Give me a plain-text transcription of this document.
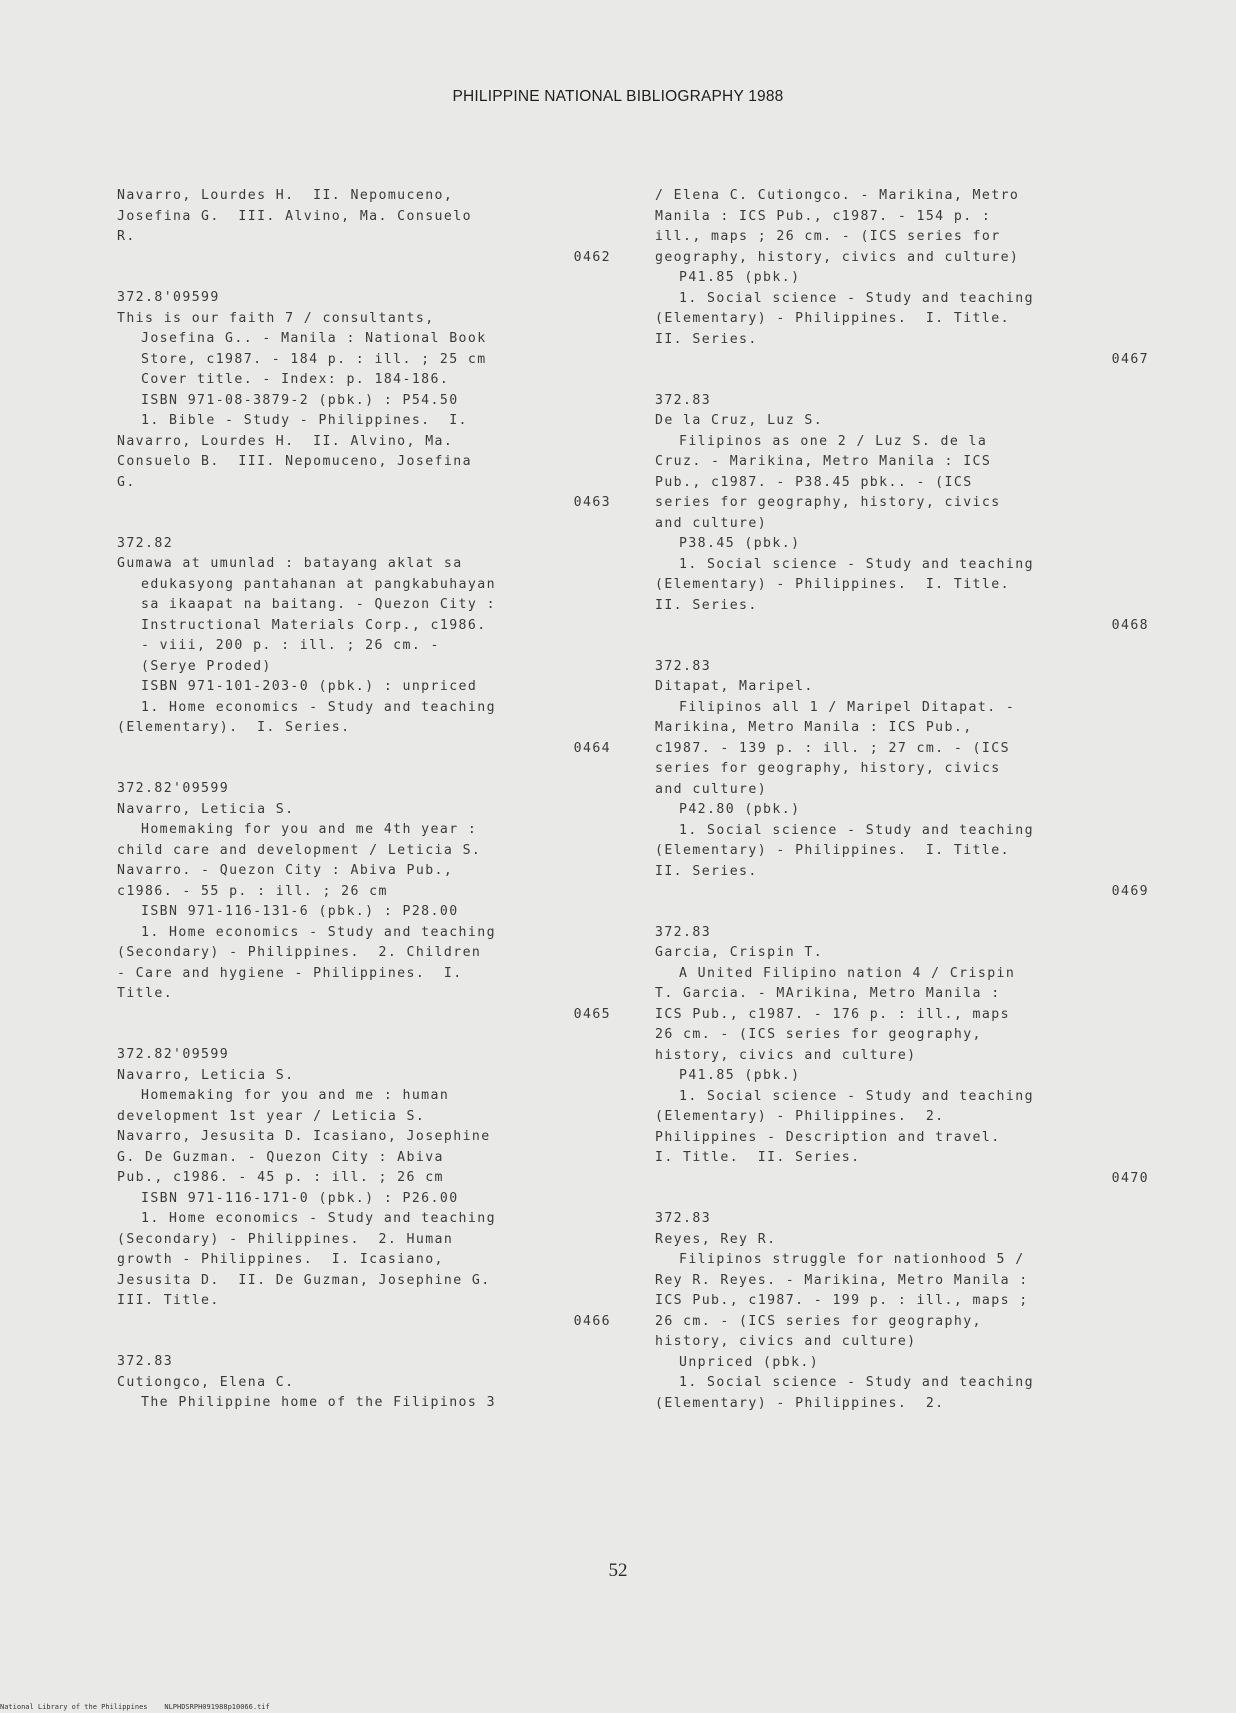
PHILIPPINE NATIONAL BIBLIOGRAPHY 1988
Navarro, Lourdes H.  II. Nepomuceno,
Josefina G.  III. Alvino, Ma. Consuelo
R.
0462
372.8'09599
This is our faith 7 / consultants,
Josefina G.. - Manila : National Book
Store, c1987. - 184 p. : ill. ; 25 cm
Cover title. - Index: p. 184-186.
ISBN 971-08-3879-2 (pbk.) : P54.50
1. Bible - Study - Philippines.  I.
Navarro, Lourdes H.  II. Alvino, Ma.
Consuelo B.  III. Nepomuceno, Josefina
G.
0463
372.82
Gumawa at umunlad : batayang aklat sa
edukasyong pantahanan at pangkabuhayan
sa ikaapat na baitang. - Quezon City :
Instructional Materials Corp., c1986.
- viii, 200 p. : ill. ; 26 cm. -
(Serye Proded)
ISBN 971-101-203-0 (pbk.) : unpriced
1. Home economics - Study and teaching
(Elementary).  I. Series.
0464
372.82'09599
Navarro, Leticia S.
Homemaking for you and me 4th year :
child care and development / Leticia S.
Navarro. - Quezon City : Abiva Pub.,
c1986. - 55 p. : ill. ; 26 cm
ISBN 971-116-131-6 (pbk.) : P28.00
1. Home economics - Study and teaching
(Secondary) - Philippines.  2. Children
- Care and hygiene - Philippines.  I.
Title.
0465
372.82'09599
Navarro, Leticia S.
Homemaking for you and me : human
development 1st year / Leticia S.
Navarro, Jesusita D. Icasiano, Josephine
G. De Guzman. - Quezon City : Abiva
Pub., c1986. - 45 p. : ill. ; 26 cm
ISBN 971-116-171-0 (pbk.) : P26.00
1. Home economics - Study and teaching
(Secondary) - Philippines.  2. Human
growth - Philippines.  I. Icasiano,
Jesusita D.  II. De Guzman, Josephine G.
III. Title.
0466
372.83
Cutiongco, Elena C.
The Philippine home of the Filipinos 3
/ Elena C. Cutiongco. - Marikina, Metro
Manila : ICS Pub., c1987. - 154 p. :
ill., maps ; 26 cm. - (ICS series for
geography, history, civics and culture)
P41.85 (pbk.)
1. Social science - Study and teaching
(Elementary) - Philippines.  I. Title.
II. Series.
0467
372.83
De la Cruz, Luz S.
Filipinos as one 2 / Luz S. de la
Cruz. - Marikina, Metro Manila : ICS
Pub., c1987. - P38.45 pbk.. - (ICS
series for geography, history, civics
and culture)
P38.45 (pbk.)
1. Social science - Study and teaching
(Elementary) - Philippines.  I. Title.
II. Series.
0468
372.83
Ditapat, Maripel.
Filipinos all 1 / Maripel Ditapat. -
Marikina, Metro Manila : ICS Pub.,
c1987. - 139 p. : ill. ; 27 cm. - (ICS
series for geography, history, civics
and culture)
P42.80 (pbk.)
1. Social science - Study and teaching
(Elementary) - Philippines.  I. Title.
II. Series.
0469
372.83
Garcia, Crispin T.
A United Filipino nation 4 / Crispin
T. Garcia. - MArikina, Metro Manila :
ICS Pub., c1987. - 176 p. : ill., maps
26 cm. - (ICS series for geography,
history, civics and culture)
P41.85 (pbk.)
1. Social science - Study and teaching
(Elementary) - Philippines.  2.
Philippines - Description and travel.
I. Title.  II. Series.
0470
372.83
Reyes, Rey R.
Filipinos struggle for nationhood 5 /
Rey R. Reyes. - Marikina, Metro Manila :
ICS Pub., c1987. - 199 p. : ill., maps ;
26 cm. - (ICS series for geography,
history, civics and culture)
Unpriced (pbk.)
1. Social science - Study and teaching
(Elementary) - Philippines.  2.
52
National Library of the Philippines    NLPHDSRPH091988p10066.tif
